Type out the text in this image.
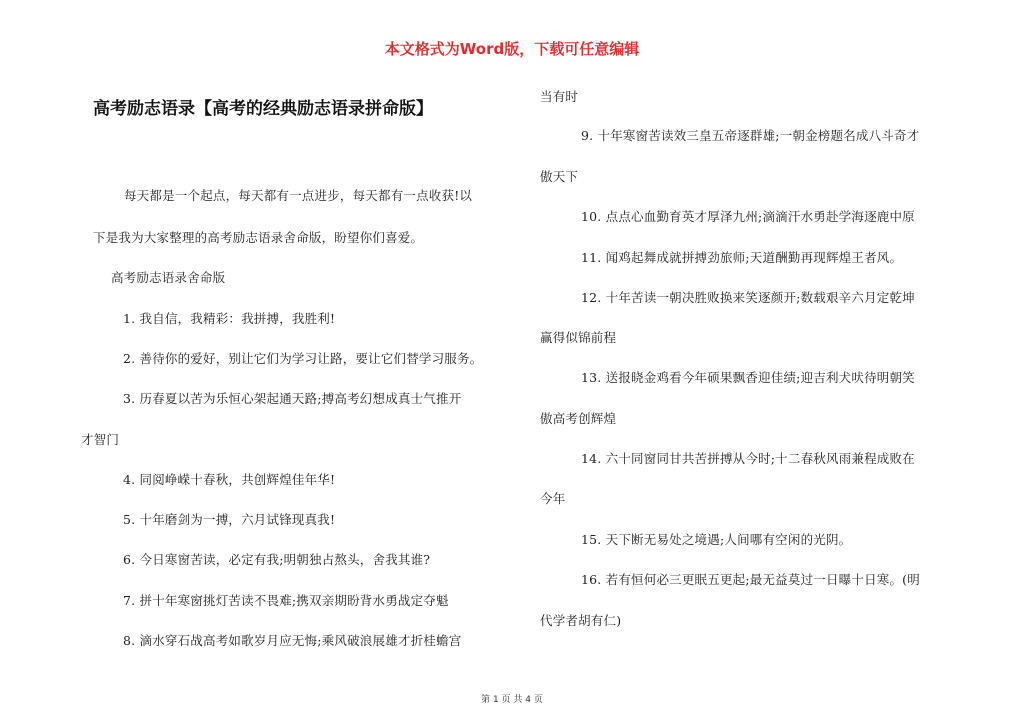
本文格式为Word版，下载可任意编辑
高考励志语录【高考的经典励志语录拼命版】
每天都是一个起点，每天都有一点进步，每天都有一点收获!以
下是我为大家整理的高考励志语录舍命版，盼望你们喜爱。
高考励志语录舍命版
1. 我自信，我精彩：我拼搏，我胜利!
2. 善待你的爱好，别让它们为学习让路，要让它们替学习服务。
3. 历春夏以苦为乐恒心架起通天路;搏高考幻想成真士气推开
才智门
4. 同阅峥嵘十春秋，共创辉煌佳年华!
5. 十年磨剑为一搏，六月试锋现真我!
6. 今日寒窗苦读，必定有我;明朝独占熬头，舍我其谁?
7. 拼十年寒窗挑灯苦读不畏难;携双亲期盼背水勇战定夺魁
8. 滴水穿石战高考如歌岁月应无悔;乘风破浪展雄才折桂蟾宫
当有时
9. 十年寒窗苦读效三皇五帝逐群雄;一朝金榜题名成八斗奇才
傲天下
10. 点点心血勤育英才厚泽九州;滴滴汗水勇赴学海逐鹿中原
11. 闻鸡起舞成就拼搏劲旅师;天道酬勤再现辉煌王者风。
12. 十年苦读一朝决胜败换来笑逐颜开;数载艰辛六月定乾坤
赢得似锦前程
13. 送报晓金鸡看今年硕果飘香迎佳绩;迎吉利犬吠待明朝笑
傲高考创辉煌
14. 六十同窗同甘共苦拼搏从今时;十二春秋风雨兼程成败在
今年
15. 天下断无易处之境遇;人间哪有空闲的光阴。
16. 若有恒何必三更眠五更起;最无益莫过一日曝十日寒。(明
代学者胡有仁)
第 1 页 共 4 页
